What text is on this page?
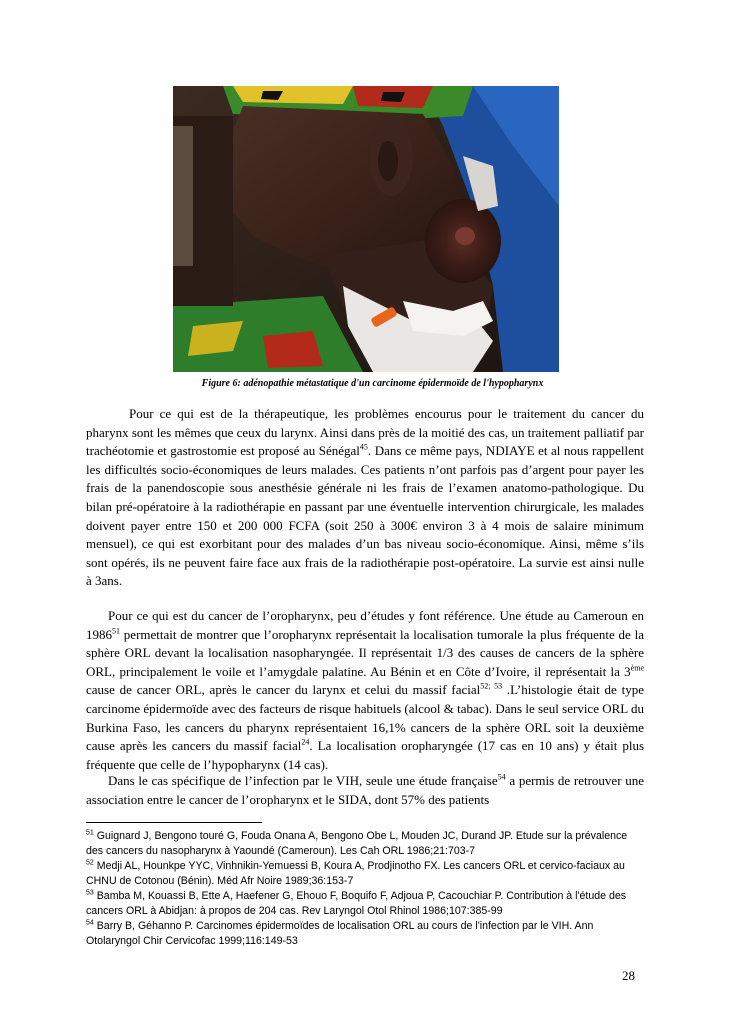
Figure 6: adénopathie métastatique d'un carcinome épidermoïde de l'hypopharynx

Pour ce qui est de la thérapeutique, les problèmes encourus pour le traitement du cancer du pharynx sont les mêmes que ceux du larynx. Ainsi dans près de la moitié des cas, un traitement palliatif par trachéotomie et gastrostomie est proposé au Sénégal$^{45}$. Dans ce même pays, NDIAYE et al nous rappellent les difficultés socio-économiques de leurs malades. Ces patients n’ont parfois pas d’argent pour payer les frais de la panendoscopie sous anesthésie générale ni les frais de l’examen anatomo-pathologique. Du bilan pré-opératoire à la radiothérapie en passant par une éventuelle intervention chirurgicale, les malades doivent payer entre 150 et 200 000 FCFA (soit 250 à 300€ environ 3 à 4 mois de salaire minimum mensuel), ce qui est exorbitant pour des malades d’un bas niveau socio-économique. Ainsi, même s’ils sont opérés, ils ne peuvent faire face aux frais de la radiothérapie post-opératoire. La survie est ainsi nulle à 3ans.

Pour ce qui est du cancer de l’oropharynx, peu d’études y font référence. Une étude au Cameroun en 1986$^{51}$ permettait de montrer que l’oropharynx représentait la localisation tumorale la plus fréquente de la sphère ORL devant la localisation nasopharyngée. Il représentait 1/3 des causes de cancers de la sphère ORL, principalement le voile et l’amygdale palatine. Au Bénin et en Côte d’Ivoire, il représentait la 3ème cause de cancer ORL, après le cancer du larynx et celui du massif facial$^{52; 53}$ .L’histologie était de type carcinome épidermoïde avec des facteurs de risque habituels (alcool & tabac). Dans le seul service ORL du Burkina Faso, les cancers du pharynx représentaient 16,1% cancers de la sphère ORL soit la deuxième cause après les cancers du massif facial$^{24}$. La localisation oropharyngée (17 cas en 10 ans) y était plus fréquente que celle de l’hypopharynx (14 cas).

Dans le cas spécifique de l’infection par le VIH, seule une étude française$^{54}$ a permis de retrouver une association entre le cancer de l’oropharynx et le SIDA, dont 57% des patients

$^{51}$ Guignard J, Bengono touré G, Fouda Onana A, Bengono Obe L, Mouden JC, Durand JP. Etude sur la prévalence des cancers du nasopharynx à Yaoundé (Cameroun). Les Cah ORL 1986;21:703-7

$^{52}$ Medji AL, Hounkpe YYC, Vinhnikin-Yemuessi B, Koura A, Prodjinotho FX. Les cancers ORL et cervico-faciaux au CHNU de Cotonou (Bénin). Méd Afr Noire 1989;36:153-7

$^{53}$ Bamba M, Kouassi B, Ette A, Haefener G, Ehouo F, Boquifo F, Adjoua P, Cacouchiar P. Contribution à l'étude des cancers ORL à Abidjan: à propos de 204 cas. Rev Laryngol Otol Rhinol 1986;107:385-99

$^{54}$ Barry B, Géhanno P. Carcinomes épidermoïdes de localisation ORL au cours de l'infection par le VIH. Ann Otolaryngol Chir Cervicofac 1999;116:149-53

28
